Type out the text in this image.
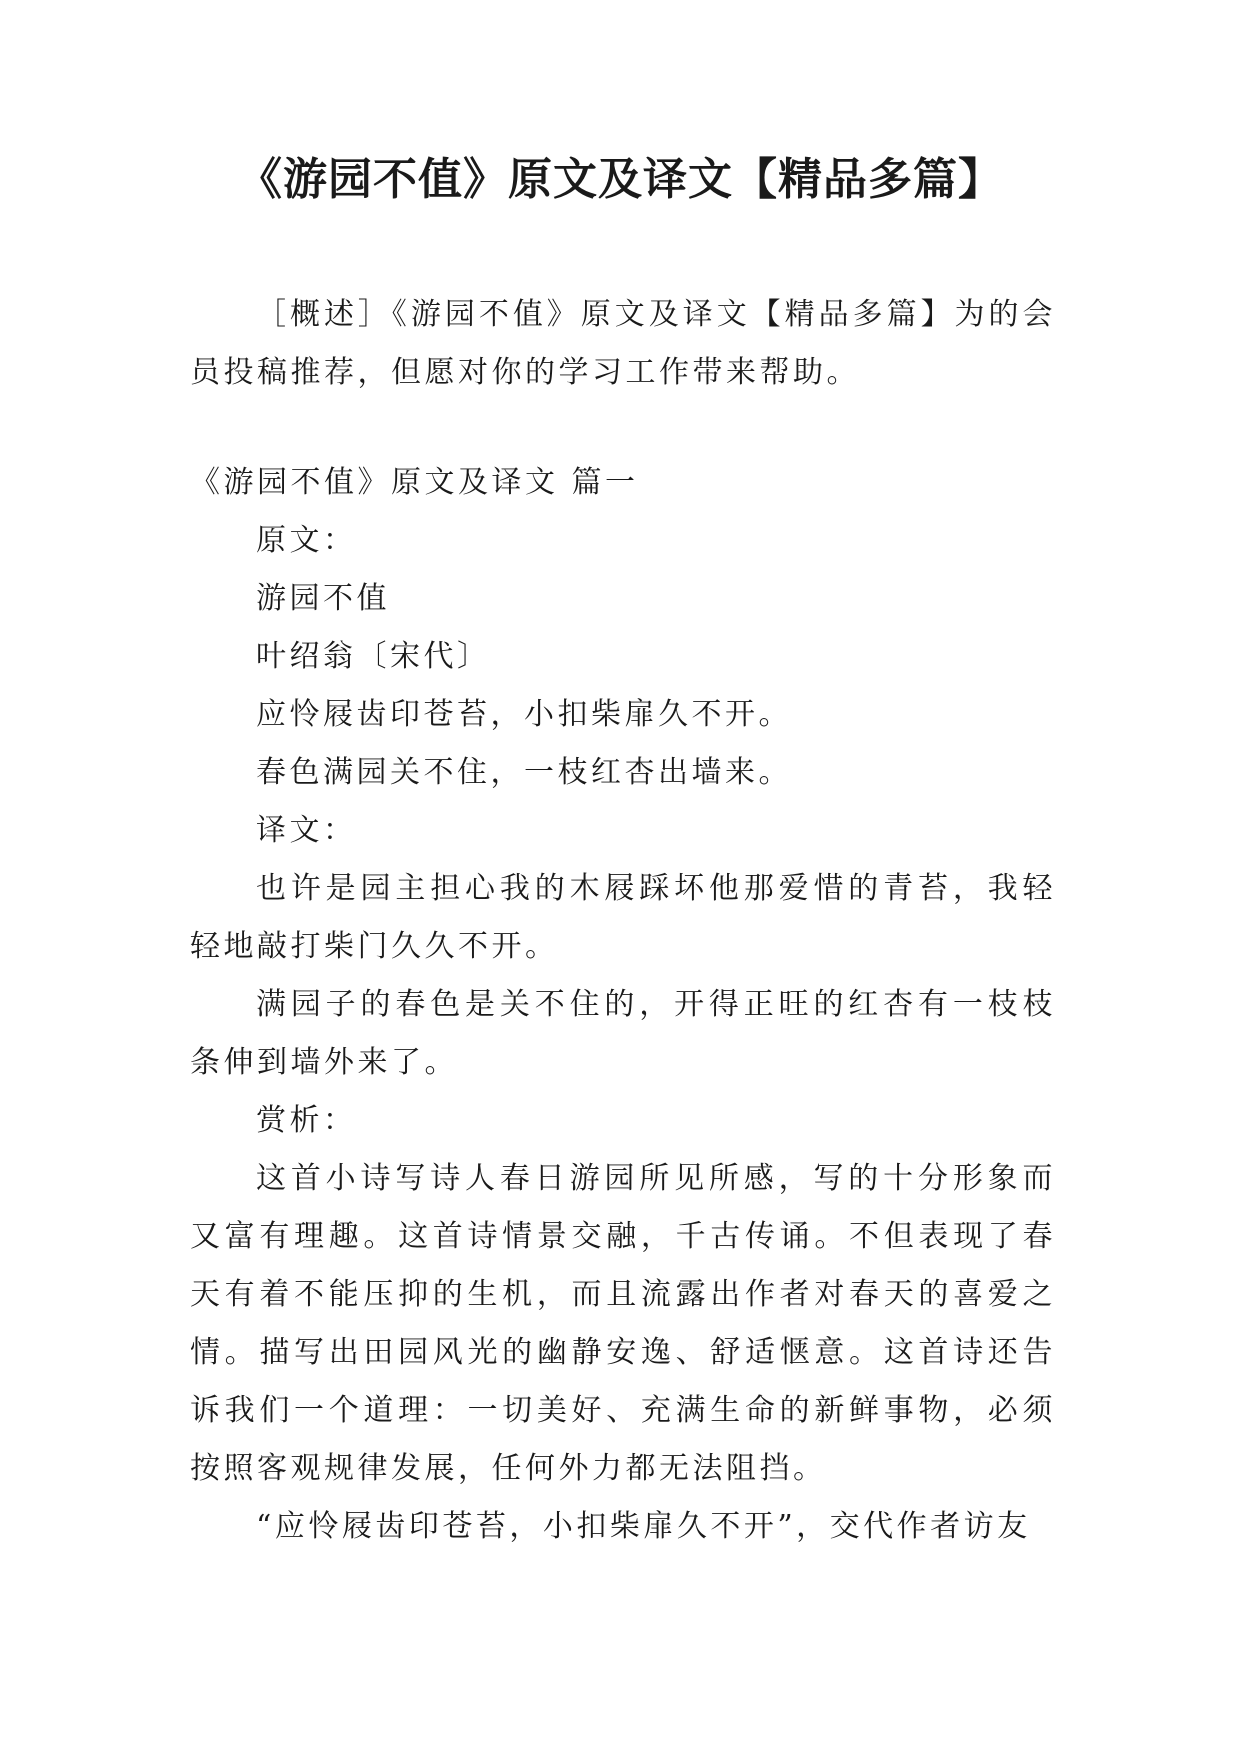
《游园不值》原文及译文【精品多篇】

［概述］《游园不值》原文及译文【精品多篇】为的会员投稿推荐，但愿对你的学习工作带来帮助。

《游园不值》原文及译文 篇一

原文：

游园不值

叶绍翁〔宋代〕

应怜屐齿印苍苔，小扣柴扉久不开。

春色满园关不住，一枝红杏出墙来。

译文：

也许是园主担心我的木屐踩坏他那爱惜的青苔，我轻轻地敲打柴门久久不开。

满园子的春色是关不住的，开得正旺的红杏有一枝枝条伸到墙外来了。

赏析：

这首小诗写诗人春日游园所见所感，写的十分形象而又富有理趣。这首诗情景交融，千古传诵。不但表现了春天有着不能压抑的生机，而且流露出作者对春天的喜爱之情。描写出田园风光的幽静安逸、舒适惬意。这首诗还告诉我们一个道理：一切美好、充满生命的新鲜事物，必须按照客观规律发展，任何外力都无法阻挡。

“应怜屐齿印苍苔，小扣柴扉久不开”，交代作者访友
